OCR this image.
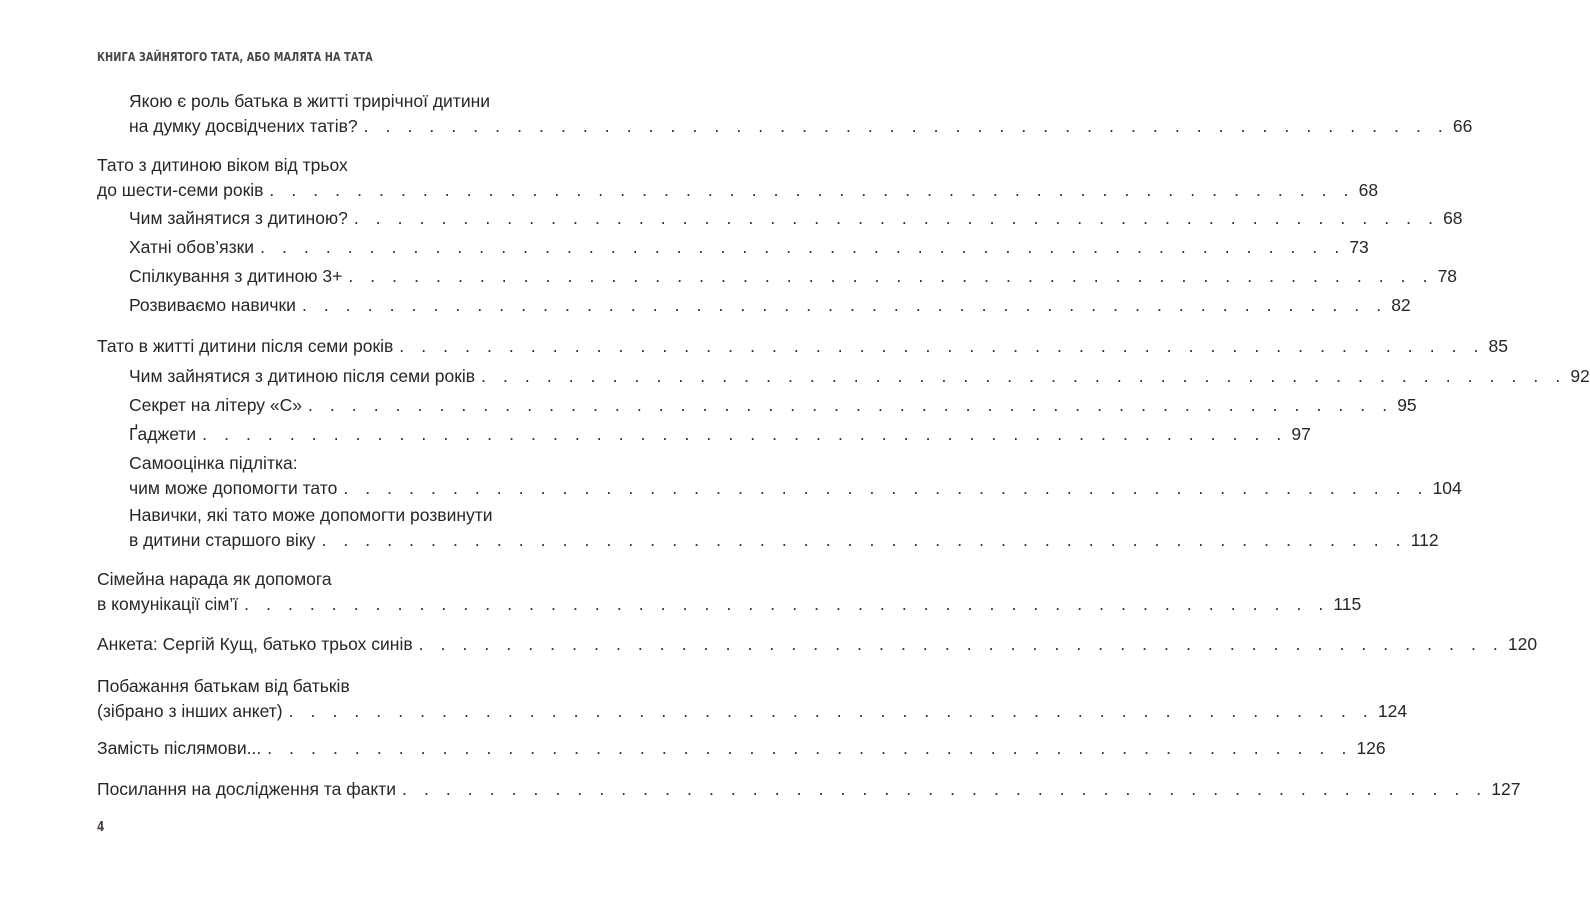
КНИГА ЗАЙНЯТОГО ТАТА, АБО МАЛЯТА НА ТАТА
Якою є роль батька в житті трирічної дитини
на думку досвідчених татів? . . . . . . . . . . . . . . . . . . . . . . . . . . . . . . . . . . . . . . . . . . . . . . . . . . 66
Тато з дитиною віком від трьох
до шести-семи років . . . . . . . . . . . . . . . . . . . . . . . . . . . . . . . . . . . . . . . . . . . . . . . . . . 68
Чим зайнятися з дитиною? . . . . . . . . . . . . . . . . . . . . . . . . . . . . . . . . . . . . . . . . . . . . . . . . . . 68
Хатні обов’язки . . . . . . . . . . . . . . . . . . . . . . . . . . . . . . . . . . . . . . . . . . . . . . . . . . 73
Спілкування з дитиною 3+ . . . . . . . . . . . . . . . . . . . . . . . . . . . . . . . . . . . . . . . . . . . . . . . . . . 78
Розвиваємо навички . . . . . . . . . . . . . . . . . . . . . . . . . . . . . . . . . . . . . . . . . . . . . . . . . . 82
Тато в житті дитини після семи років . . . . . . . . . . . . . . . . . . . . . . . . . . . . . . . . . . . . . . . . . . . . . . . . . . 85
Чим зайнятися з дитиною після семи років . . . . . . . . . . . . . . . . . . . . . . . . . . . . . . . . . . . . . . . . . . . . . . . . . . 92
Секрет на літеру «С» . . . . . . . . . . . . . . . . . . . . . . . . . . . . . . . . . . . . . . . . . . . . . . . . . . 95
Ґаджети . . . . . . . . . . . . . . . . . . . . . . . . . . . . . . . . . . . . . . . . . . . . . . . . . . 97
Самооцінка підлітка:
чим може допомогти тато . . . . . . . . . . . . . . . . . . . . . . . . . . . . . . . . . . . . . . . . . . . . . . . . . . 104
Навички, які тато може допомогти розвинути
в дитини старшого віку . . . . . . . . . . . . . . . . . . . . . . . . . . . . . . . . . . . . . . . . . . . . . . . . . . 112
Сімейна нарада як допомога
в комунікації сім’ї . . . . . . . . . . . . . . . . . . . . . . . . . . . . . . . . . . . . . . . . . . . . . . . . . . 115
Анкета: Сергій Кущ, батько трьох синів . . . . . . . . . . . . . . . . . . . . . . . . . . . . . . . . . . . . . . . . . . . . . . . . . . 120
Побажання батькам від батьків
(зібрано з інших анкет) . . . . . . . . . . . . . . . . . . . . . . . . . . . . . . . . . . . . . . . . . . . . . . . . . . 124
Замість післямови... . . . . . . . . . . . . . . . . . . . . . . . . . . . . . . . . . . . . . . . . . . . . . . . . . . 126
Посилання на дослідження та факти . . . . . . . . . . . . . . . . . . . . . . . . . . . . . . . . . . . . . . . . . . . . . . . . . . 127
4
